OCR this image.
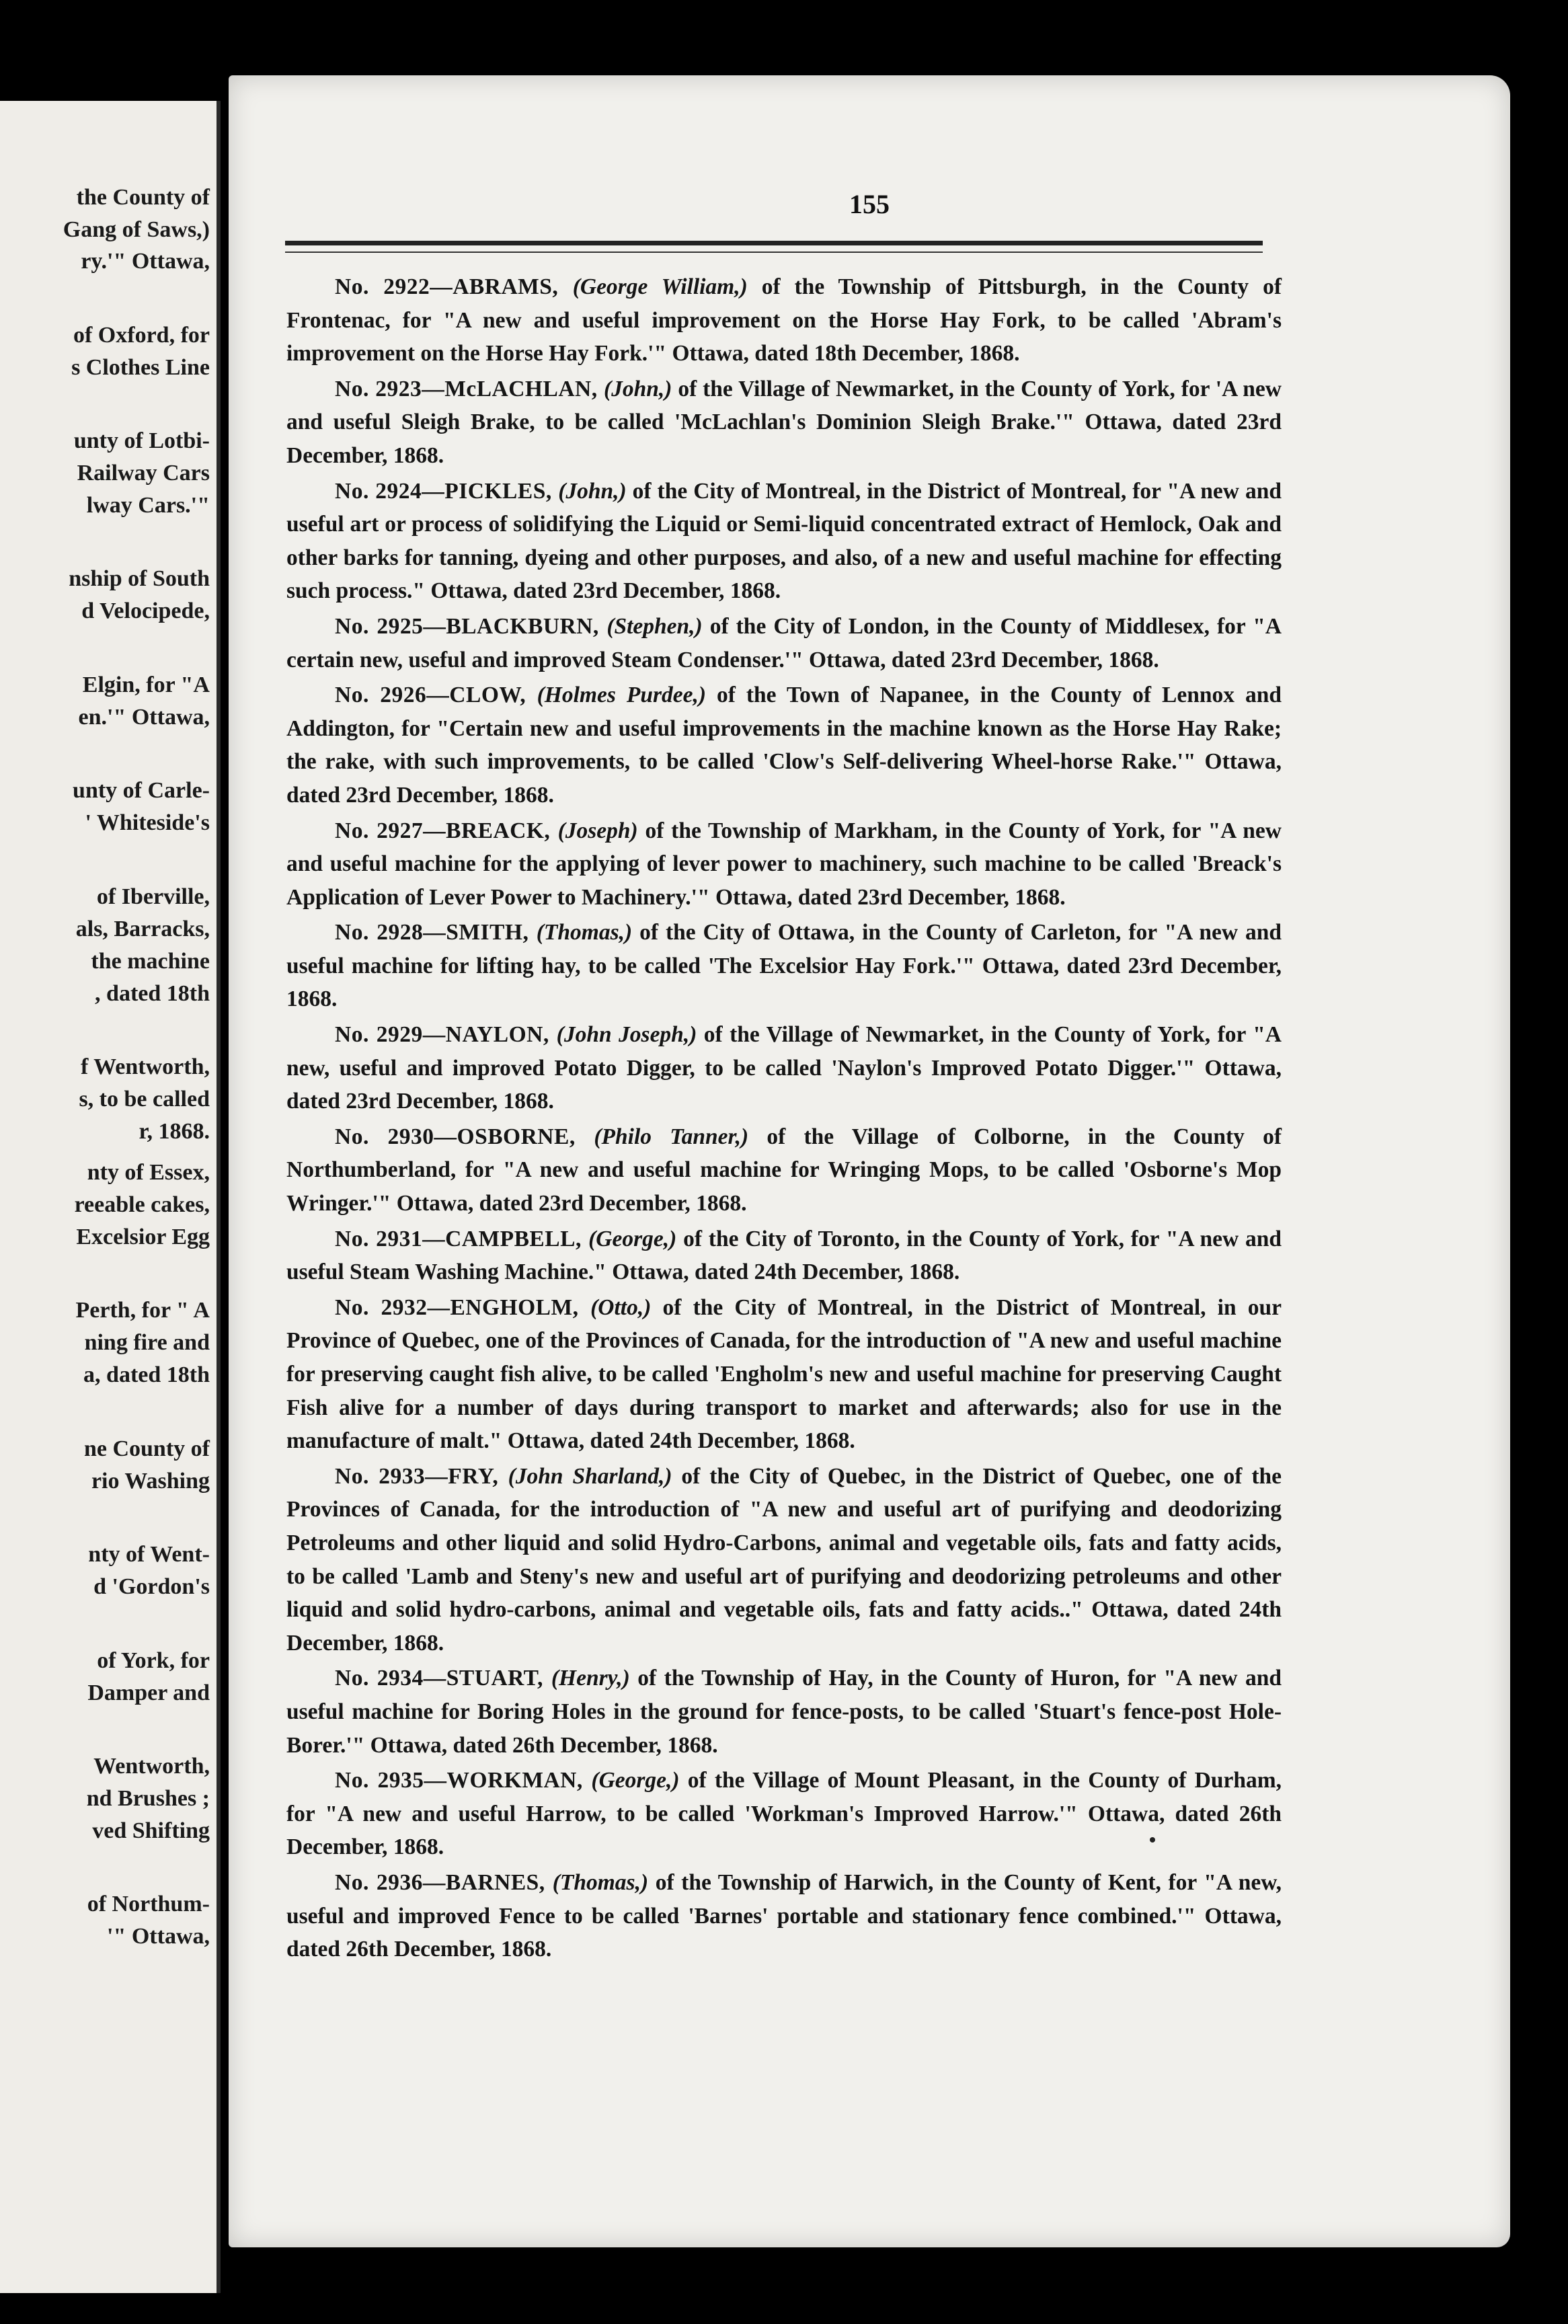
the County of
Gang of Saws,)
ry.'" Ottawa,
of Oxford, for
s Clothes Line
unty of Lotbi-
Railway Cars
lway Cars.'"
nship of South
d Velocipede,
Elgin, for "A
en.'" Ottawa,
unty of Carle-
' Whiteside's
of Iberville,
als, Barracks,
the machine
, dated 18th
f Wentworth,
s, to be called
r, 1868.
nty of Essex,
reeable cakes,
Excelsior Egg
Perth, for " A
ning fire and
a, dated 18th
ne County of
rio Washing
nty of Went-
d 'Gordon's
of York, for
Damper and
Wentworth,
nd Brushes ;
ved Shifting
of Northum-
'" Ottawa,
155

No. 2922—ABRAMS, (George William,) of the Township of Pittsburgh, in the County of Frontenac, for "A new and useful improvement on the Horse Hay Fork, to be called 'Abram's improvement on the Horse Hay Fork.'" Ottawa, dated 18th December, 1868.

No. 2923—McLACHLAN, (John,) of the Village of Newmarket, in the County of York, for 'A new and useful Sleigh Brake, to be called 'McLachlan's Dominion Sleigh Brake.'" Ottawa, dated 23rd December, 1868.

No. 2924—PICKLES, (John,) of the City of Montreal, in the District of Montreal, for "A new and useful art or process of solidifying the Liquid or Semi-liquid concentrated extract of Hemlock, Oak and other barks for tanning, dyeing and other purposes, and also, of a new and useful machine for effecting such process." Ottawa, dated 23rd December, 1868.

No. 2925—BLACKBURN, (Stephen,) of the City of London, in the County of Middlesex, for "A certain new, useful and improved Steam Condenser.'" Ottawa, dated 23rd December, 1868.

No. 2926—CLOW, (Holmes Purdee,) of the Town of Napanee, in the County of Lennox and Addington, for "Certain new and useful improvements in the machine known as the Horse Hay Rake; the rake, with such improvements, to be called 'Clow's Self-delivering Wheel-horse Rake.'" Ottawa, dated 23rd December, 1868.

No. 2927—BREACK, (Joseph) of the Township of Markham, in the County of York, for "A new and useful machine for the applying of lever power to machinery, such machine to be called 'Breack's Application of Lever Power to Machinery.'" Ottawa, dated 23rd December, 1868.

No. 2928—SMITH, (Thomas,) of the City of Ottawa, in the County of Carleton, for "A new and useful machine for lifting hay, to be called 'The Excelsior Hay Fork.'" Ottawa, dated 23rd December, 1868.

No. 2929—NAYLON, (John Joseph,) of the Village of Newmarket, in the County of York, for "A new, useful and improved Potato Digger, to be called 'Naylon's Improved Potato Digger.'" Ottawa, dated 23rd December, 1868.

No. 2930—OSBORNE, (Philo Tanner,) of the Village of Colborne, in the County of Northumberland, for "A new and useful machine for Wringing Mops, to be called 'Osborne's Mop Wringer.'" Ottawa, dated 23rd December, 1868.

No. 2931—CAMPBELL, (George,) of the City of Toronto, in the County of York, for "A new and useful Steam Washing Machine." Ottawa, dated 24th December, 1868.

No. 2932—ENGHOLM, (Otto,) of the City of Montreal, in the District of Montreal, in our Province of Quebec, one of the Provinces of Canada, for the introduction of "A new and useful machine for preserving caught fish alive, to be called 'Engholm's new and useful machine for preserving Caught Fish alive for a number of days during transport to market and afterwards; also for use in the manufacture of malt." Ottawa, dated 24th December, 1868.

No. 2933—FRY, (John Sharland,) of the City of Quebec, in the District of Quebec, one of the Provinces of Canada, for the introduction of "A new and useful art of purifying and deodorizing Petroleums and other liquid and solid Hydro-Carbons, animal and vegetable oils, fats and fatty acids, to be called 'Lamb and Steny's new and useful art of purifying and deodorizing petroleums and other liquid and solid hydro-carbons, animal and vegetable oils, fats and fatty acids.." Ottawa, dated 24th December, 1868.

No. 2934—STUART, (Henry,) of the Township of Hay, in the County of Huron, for "A new and useful machine for Boring Holes in the ground for fence-posts, to be called 'Stuart's fence-post Hole-Borer.'" Ottawa, dated 26th December, 1868.

No. 2935—WORKMAN, (George,) of the Village of Mount Pleasant, in the County of Durham, for "A new and useful Harrow, to be called 'Workman's Improved Harrow.'" Ottawa, dated 26th December, 1868.

No. 2936—BARNES, (Thomas,) of the Township of Harwich, in the County of Kent, for "A new, useful and improved Fence to be called 'Barnes' portable and stationary fence combined.'" Ottawa, dated 26th December, 1868.
